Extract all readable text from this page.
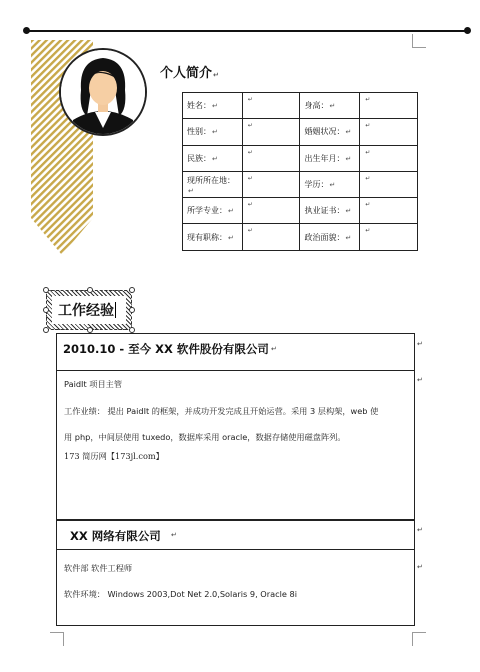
个人简介↵
姓名：↵	↵	身高：↵	↵

性别：↵	↵	婚姻状况：↵	↵

民族：↵	↵	出生年月：↵	↵

现所所在地：↵	↵	学历：↵	↵

所学专业：↵	↵	执业证书：↵	↵

现有职称：↵	↵	政治面貌：↵	↵
工作经验
2010.10 - 至今 XX 软件股份有限公司 ↵
PaidIt 项目主管
工作业绩： 提出 PaidIt 的框架，并成功开发完成且开始运营。采用 3 层构架，web 使
用 php，中间层使用 tuxedo，数据库采用 oracle，数据存储使用磁盘阵列。
173 简历网【173jl.com】
XX 网络有限公司 ↵
软件部 软件工程师
软件环境： Windows 2003,Dot Net 2.0,Solaris 9, Oracle 8i
↵
↵
↵
↵
